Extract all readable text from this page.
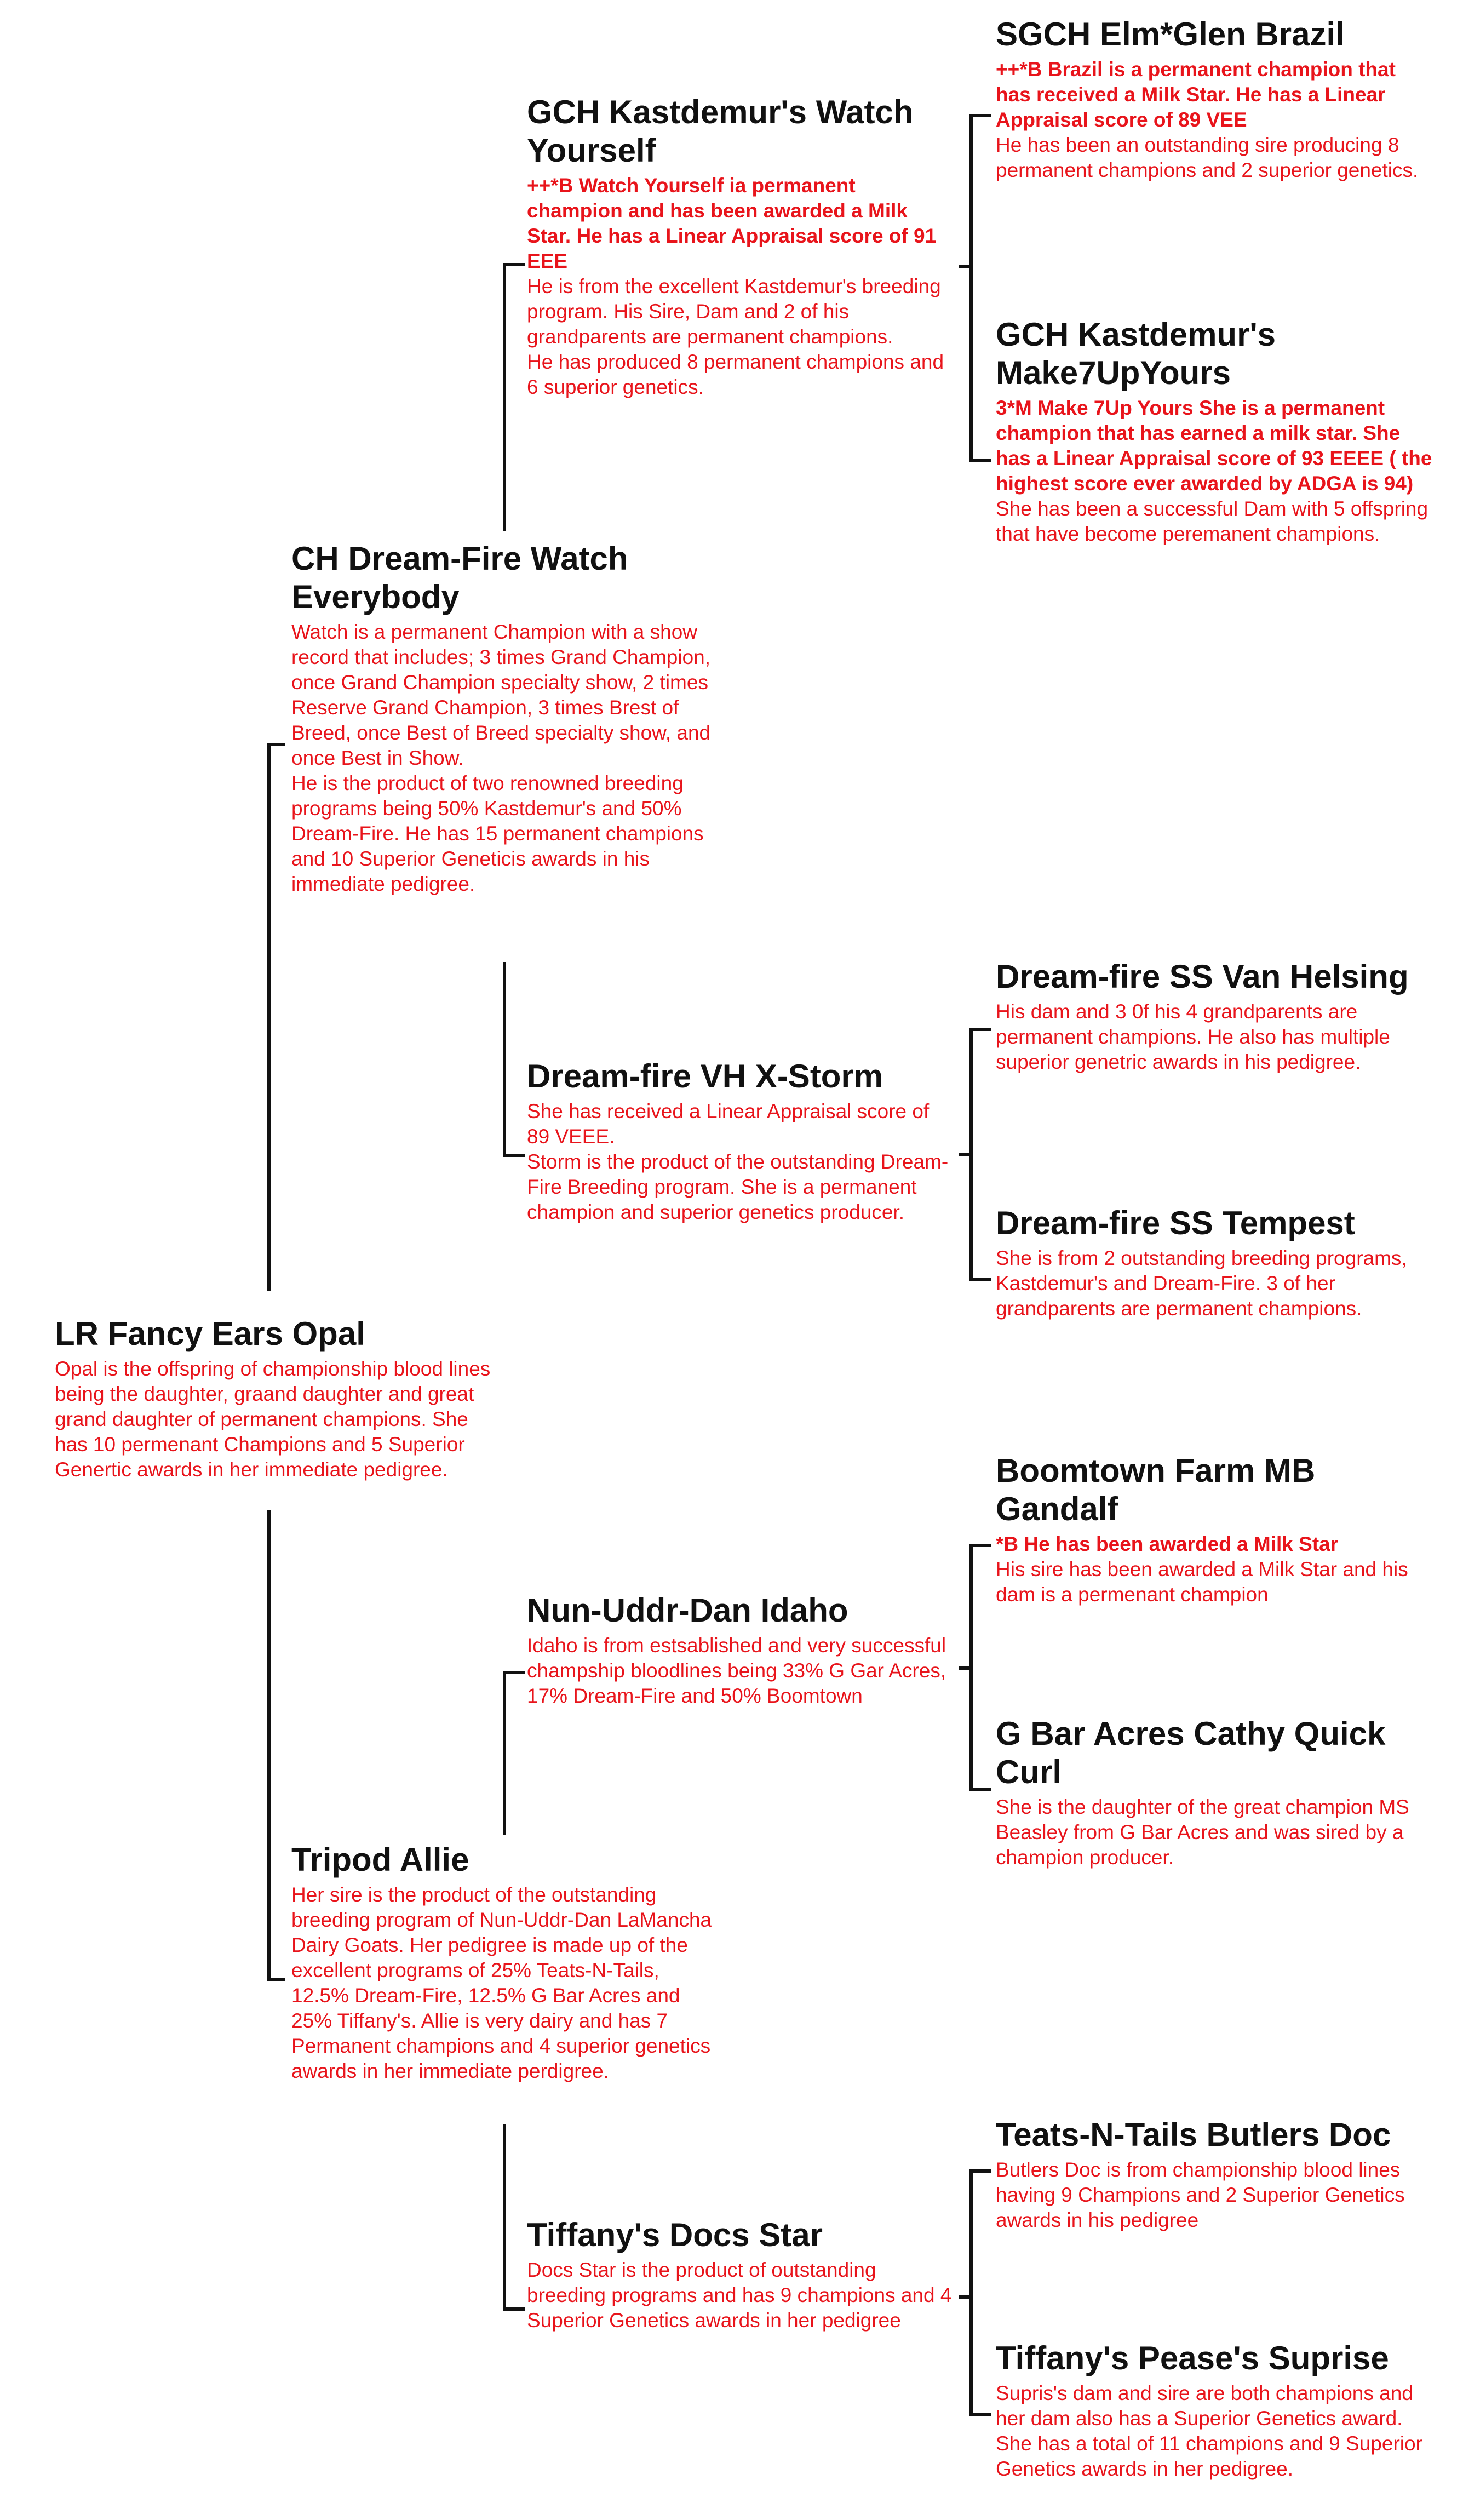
LR Fancy Ears Opal

Opal is the offspring of championship blood lines being the daughter, graand daughter and great grand daughter of permanent champions. She has 10 permenant Champions and 5 Superior Genertic awards in her immediate pedigree.

CH Dream-Fire Watch Everybody

Watch is a permanent Champion with a show record that includes; 3 times Grand Champion, once Grand Champion specialty show, 2 times Reserve Grand Champion, 3 times Brest of Breed, once Best of Breed specialty show, and once Best in Show.

He is the product of two renowned breeding programs being 50% Kastdemur's and 50% Dream-Fire. He has 15 permanent champions and 10 Superior Geneticis awards in his immediate pedigree.

Tripod Allie

Her sire is the product of the outstanding breeding program of Nun-Uddr-Dan LaMancha Dairy Goats. Her pedigree is made up of the excellent programs of 25% Teats-N-Tails, 12.5% Dream-Fire, 12.5% G Bar Acres and 25% Tiffany's. Allie is very dairy and has 7 Permanent champions and 4 superior genetics awards in her immediate perdigree.

GCH Kastdemur's Watch Yourself

++*B Watch Yourself ia permanent champion and has been awarded a Milk Star. He has a Linear Appraisal score of 91 EEE

He is from the excellent Kastdemur's breeding program. His Sire, Dam and 2 of his grandparents are permanent champions.

He has produced 8 permanent champions and 6 superior genetics.

Dream-fire VH X-Storm

She has received a Linear Appraisal score of 89 VEEE.

Storm is the product of the outstanding Dream-Fire Breeding program. She is a permanent champion and superior genetics producer.

Nun-Uddr-Dan Idaho

Idaho is from estsablished and very successful champship bloodlines being 33% G Gar Acres, 17% Dream-Fire and 50% Boomtown

Tiffany's Docs Star

Docs Star is the product of outstanding breeding programs and has 9 champions and 4 Superior Genetics awards in her pedigree

SGCH Elm*Glen Brazil

++*B Brazil is a permanent champion that has received a Milk Star. He has a Linear Appraisal score of 89 VEE

He has been an outstanding sire producing 8 permanent champions and 2 superior genetics.

GCH Kastdemur's Make7UpYours

3*M Make 7Up Yours She is a permanent champion that has earned a milk star. She has a Linear Appraisal score of 93 EEEE ( the highest score ever awarded by ADGA is 94)

She has been a successful Dam with 5 offspring that have become peremanent champions.

Dream-fire SS Van Helsing

His dam and 3 0f his 4 grandparents are permanent champions. He also has multiple superior genetric awards in his pedigree.

Dream-fire SS Tempest

She is from 2 outstanding breeding programs, Kastdemur's and Dream-Fire. 3 of her grandparents are permanent champions.

Boomtown Farm MB Gandalf

*B He has been awarded a Milk Star

His sire has been awarded a Milk Star and his dam is a permenant champion

G Bar Acres Cathy Quick Curl

She is the daughter of the great champion MS Beasley from G Bar Acres and was sired by a champion producer.

Teats-N-Tails Butlers Doc

Butlers Doc is from championship blood lines having 9 Champions and 2 Superior Genetics awards in his pedigree

Tiffany's Pease's Suprise

Supris's dam and sire are both champions and her dam also has a Superior Genetics award. She has a total of 11 champions and 9 Superior Genetics awards in her pedigree.
